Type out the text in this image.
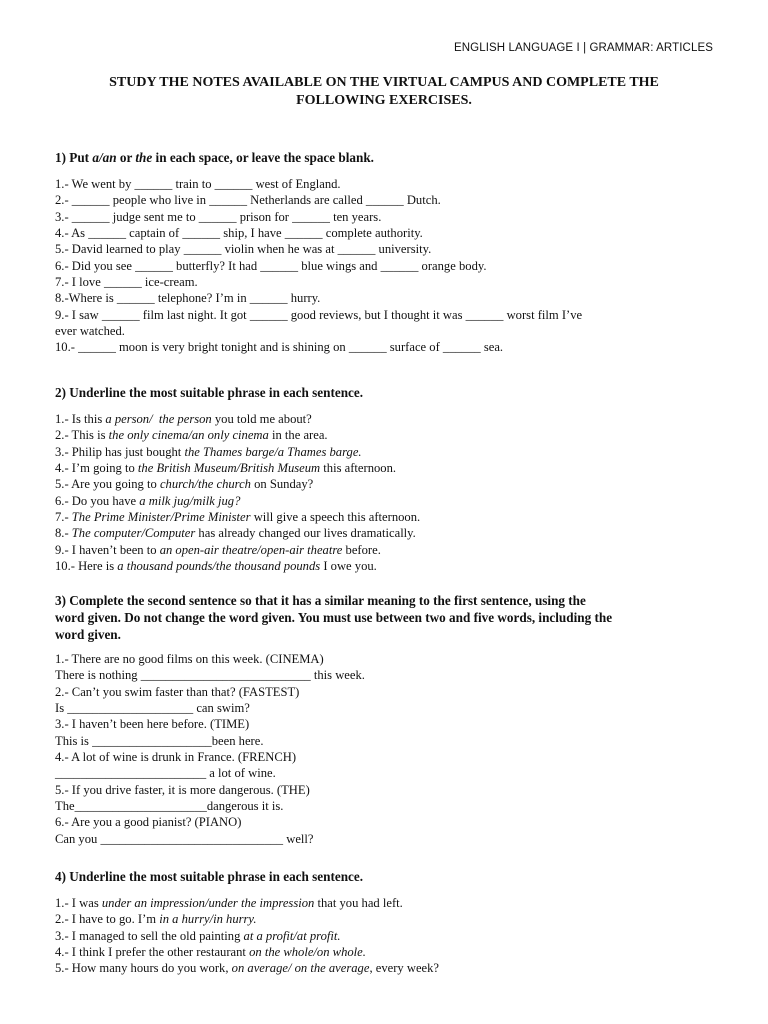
ENGLISH LANGUAGE I | GRAMMAR: ARTICLES
STUDY THE NOTES AVAILABLE ON THE VIRTUAL CAMPUS AND COMPLETE THE
FOLLOWING EXERCISES.

1) Put a/an or the in each space, or leave the space blank.

1.- We went by ______ train to ______ west of England.
2.- ______ people who live in ______ Netherlands are called ______ Dutch.
3.- ______ judge sent me to ______ prison for ______ ten years.
4.- As ______ captain of ______ ship, I have ______ complete authority.
5.- David learned to play ______ violin when he was at ______ university.
6.- Did you see ______ butterfly? It had ______ blue wings and ______ orange body.
7.- I love ______ ice-cream.
8.-Where is ______ telephone? I’m in ______ hurry.
9.- I saw ______ film last night. It got ______ good reviews, but I thought it was ______ worst film I’ve
ever watched.
10.- ______ moon is very bright tonight and is shining on ______ surface of ______ sea.

2) Underline the most suitable phrase in each sentence.

1.- Is this a person/  the person you told me about?
2.- This is the only cinema/an only cinema in the area.
3.- Philip has just bought the Thames barge/a Thames barge.
4.- I’m going to the British Museum/British Museum this afternoon.
5.- Are you going to church/the church on Sunday?
6.- Do you have a milk jug/milk jug?
7.- The Prime Minister/Prime Minister will give a speech this afternoon.
8.- The computer/Computer has already changed our lives dramatically.
9.- I haven’t been to an open-air theatre/open-air theatre before.
10.- Here is a thousand pounds/the thousand pounds I owe you.

3) Complete the second sentence so that it has a similar meaning to the first sentence, using the
word given. Do not change the word given. You must use between two and five words, including the
word given.

1.- There are no good films on this week. (CINEMA)
There is nothing ___________________________ this week.
2.- Can’t you swim faster than that? (FASTEST)
Is ____________________ can swim?
3.- I haven’t been here before. (TIME)
This is ___________________been here.
4.- A lot of wine is drunk in France. (FRENCH)
________________________ a lot of wine.
5.- If you drive faster, it is more dangerous. (THE)
The_____________________dangerous it is.
6.- Are you a good pianist? (PIANO)
Can you _____________________________ well?

4) Underline the most suitable phrase in each sentence.

1.- I was under an impression/under the impression that you had left.
2.- I have to go. I’m in a hurry/in hurry.
3.- I managed to sell the old painting at a profit/at profit.
4.- I think I prefer the other restaurant on the whole/on whole.
5.- How many hours do you work, on average/ on the average, every week?
